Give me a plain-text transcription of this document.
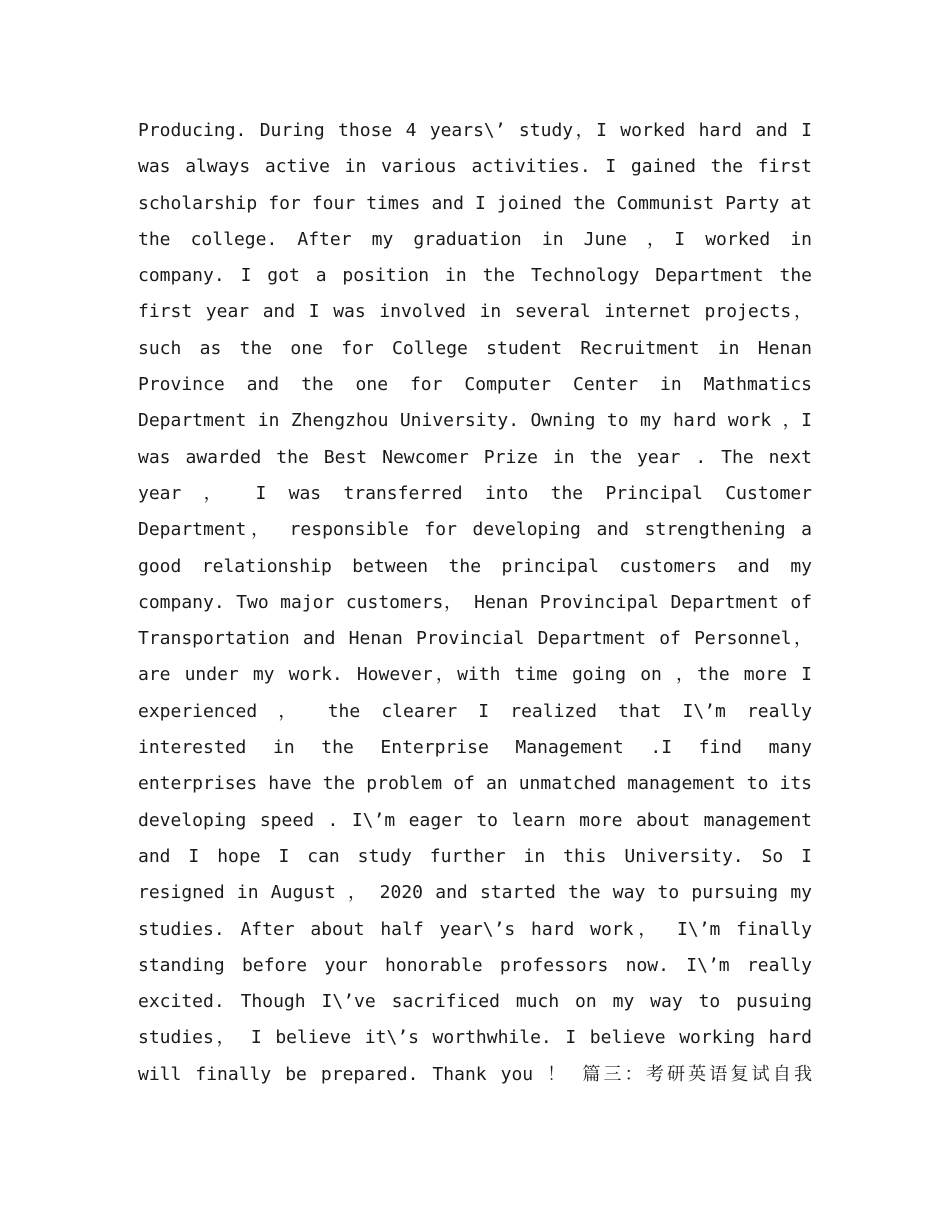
Producing. During those 4 years\’ study，I worked hard and I
was always active in various activities. I gained the first
scholarship for four times and I joined the Communist Party at
the college. After my graduation in June ，I worked in
company. I got a position in the Technology Department the
first year and I was involved in several internet projects，
such as the one for College student Recruitment in Henan
Province and the one for Computer Center in Mathmatics
Department in Zhengzhou University. Owning to my hard work ，I
was awarded the Best Newcomer Prize in the year . The next
year ， I was transferred into the Principal Customer
Department， responsible for developing and strengthening a
good relationship between the principal customers and my
company. Two major customers， Henan Provincipal Department of
Transportation and Henan Provincial Department of Personnel，
are under my work. However，with time going on ，the more I
experienced ， the clearer I realized that I\’m really
interested in the Enterprise Management .I find many
enterprises have the problem of an unmatched management to its
developing speed . I\’m eager to learn more about management
and I hope I can study further in this University. So I
resigned in August ， 2020 and started the way to pursuing my
studies. After about half year\’s hard work， I\’m finally
standing before your honorable professors now. I\’m really
excited. Though I\’ve sacrificed much on my way to pusuing
studies， I believe it\’s worthwhile. I believe working hard
will finally be prepared. Thank you ！ 篇三：考研英语复试自我
